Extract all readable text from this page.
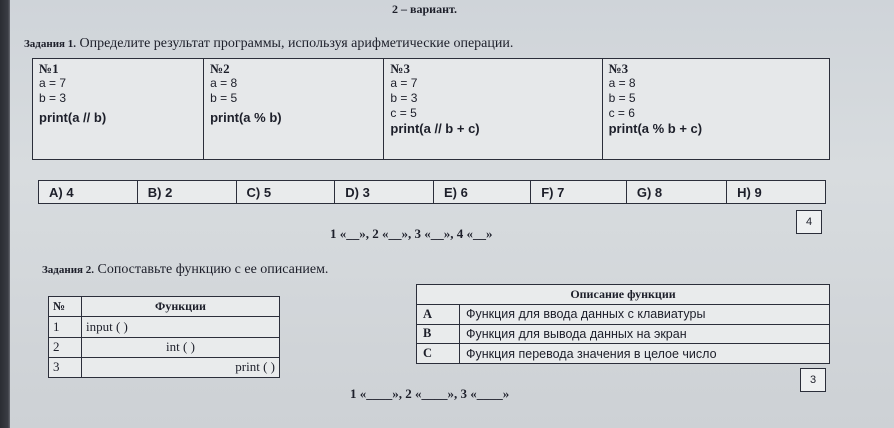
2 – вариант.
Задания 1. Определите результат программы, используя арифметические операции.
№1
a = 7
b = 3
print(a // b)

№2
a = 8
b = 5
print(a % b)

№3
a = 7
b = 3
c = 5
print(a // b + c)

№3
a = 8
b = 5
c = 6
print(a % b + c)
A) 4	B) 2	C) 5	D) 3	E) 6	F) 7	G) 8	H) 9
1 «__», 2 «__», 3 «__», 4 «__»
4
Задания 2. Сопоставьте функцию с ее описанием.
№	Функции
1	input ( )
2	int ( )
3	print ( )
Описание функции	
A	Функция для ввода данных с клавиатуры
B	Функция для вывода данных на экран
C	Функция перевода значения в целое число
1 «____», 2 «____», 3 «____»
3
